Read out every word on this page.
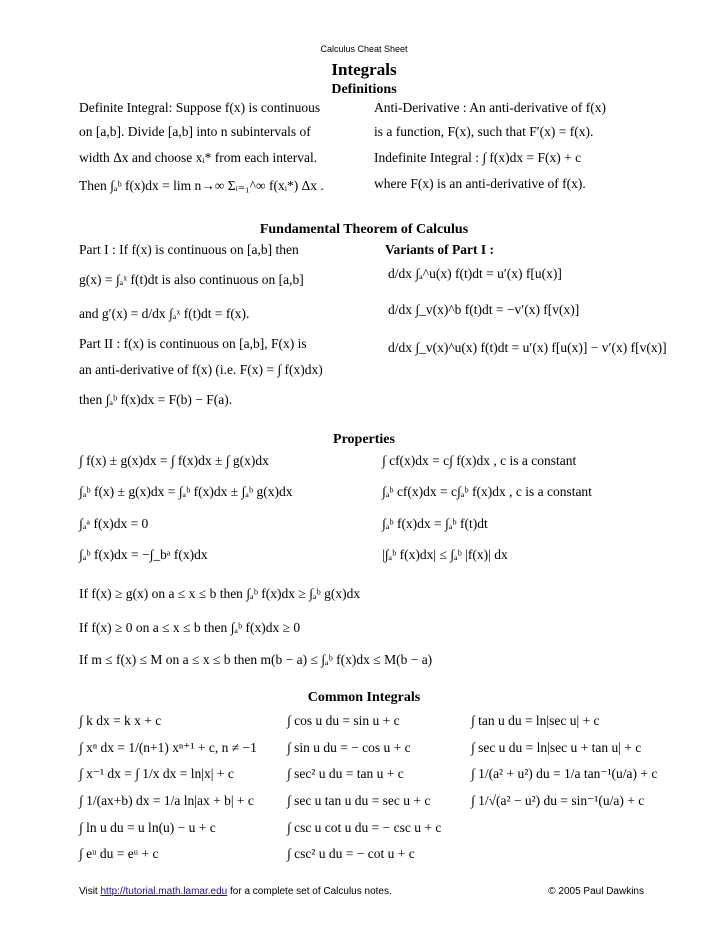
Calculus Cheat Sheet
Integrals
Definitions
Definite Integral: Suppose f(x) is continuous
on [a,b]. Divide [a,b] into n subintervals of
width Δx and choose xᵢ* from each interval.
Then ∫ₐᵇ f(x)dx = lim n→∞ Σᵢ₌₁^∞ f(xᵢ*) Δx .
Anti-Derivative : An anti-derivative of f(x)
is a function, F(x), such that F′(x) = f(x).
Indefinite Integral : ∫ f(x)dx = F(x) + c
where F(x) is an anti-derivative of f(x).
Fundamental Theorem of Calculus
Part I : If f(x) is continuous on [a,b] then
g(x) = ∫ₐˣ f(t)dt is also continuous on [a,b]
and g′(x) = d/dx ∫ₐˣ f(t)dt = f(x).
Part II : f(x) is continuous on [a,b], F(x) is
an anti-derivative of f(x) (i.e. F(x) = ∫ f(x)dx)
then ∫ₐᵇ f(x)dx = F(b) − F(a).
Variants of Part I :
d/dx ∫ₐ^u(x) f(t)dt = u′(x) f[u(x)]
d/dx ∫_v(x)^b f(t)dt = −v′(x) f[v(x)]
d/dx ∫_v(x)^u(x) f(t)dt = u′(x) f[u(x)] − v′(x) f[v(x)]
Properties
∫ f(x) ± g(x)dx = ∫ f(x)dx ± ∫ g(x)dx
∫ₐᵇ f(x) ± g(x)dx = ∫ₐᵇ f(x)dx ± ∫ₐᵇ g(x)dx
∫ₐᵃ f(x)dx = 0
∫ₐᵇ f(x)dx = −∫_bᵃ f(x)dx
∫ cf(x)dx = c∫ f(x)dx , c is a constant
∫ₐᵇ cf(x)dx = c∫ₐᵇ f(x)dx , c is a constant
∫ₐᵇ f(x)dx = ∫ₐᵇ f(t)dt
|∫ₐᵇ f(x)dx| ≤ ∫ₐᵇ |f(x)| dx
If f(x) ≥ g(x) on a ≤ x ≤ b then ∫ₐᵇ f(x)dx ≥ ∫ₐᵇ g(x)dx
If f(x) ≥ 0 on a ≤ x ≤ b then ∫ₐᵇ f(x)dx ≥ 0
If m ≤ f(x) ≤ M on a ≤ x ≤ b then m(b − a) ≤ ∫ₐᵇ f(x)dx ≤ M(b − a)
Common Integrals
∫ k dx = k x + c
∫ xⁿ dx = 1/(n+1) xⁿ⁺¹ + c, n ≠ −1
∫ x⁻¹ dx = ∫ 1/x dx = ln|x| + c
∫ 1/(ax+b) dx = 1/a ln|ax + b| + c
∫ ln u du = u ln(u) − u + c
∫ eᵘ du = eᵘ + c
∫ cos u du = sin u + c
∫ sin u du = − cos u + c
∫ sec² u du = tan u + c
∫ sec u tan u du = sec u + c
∫ csc u cot u du = − csc u + c
∫ csc² u du = − cot u + c
∫ tan u du = ln|sec u| + c
∫ sec u du = ln|sec u + tan u| + c
∫ 1/(a² + u²) du = 1/a tan⁻¹(u/a) + c
∫ 1/√(a² − u²) du = sin⁻¹(u/a) + c
Visit http://tutorial.math.lamar.edu for a complete set of Calculus notes.	© 2005 Paul Dawkins
